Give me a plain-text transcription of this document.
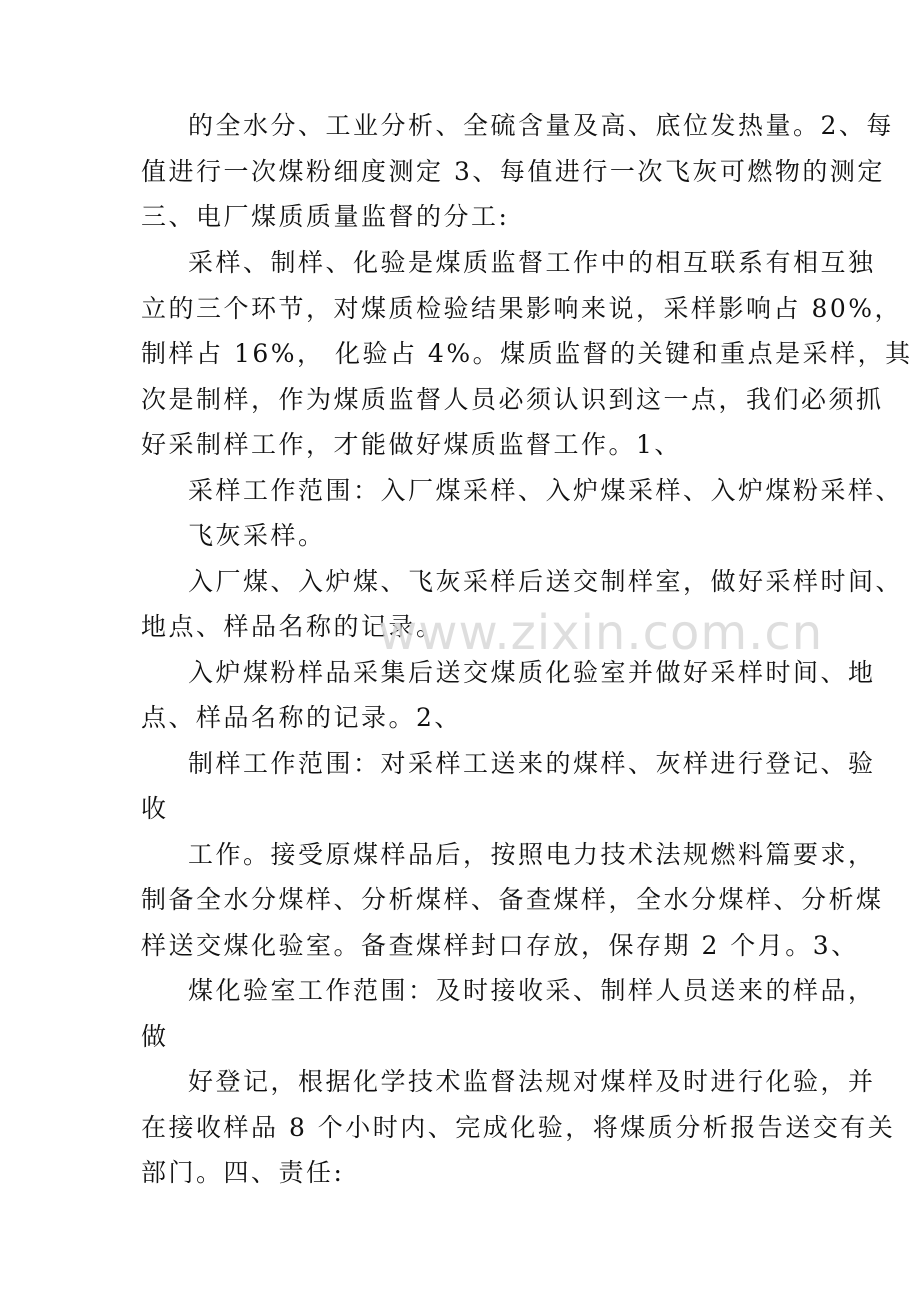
的全水分、工业分析、全硫含量及高、底位发热量。2、每
值进行一次煤粉细度测定 3、每值进行一次飞灰可燃物的测定
三、电厂煤质质量监督的分工:
采样、制样、化验是煤质监督工作中的相互联系有相互独
立的三个环节，对煤质检验结果影响来说，采样影响占 80%，
制样占 16%， 化验占 4%。煤质监督的关键和重点是采样，其
次是制样，作为煤质监督人员必须认识到这一点，我们必须抓
好采制样工作，才能做好煤质监督工作。1、
采样工作范围：入厂煤采样、入炉煤采样、入炉煤粉采样、
飞灰采样。
入厂煤、入炉煤、飞灰采样后送交制样室，做好采样时间、
地点、样品名称的记录。
入炉煤粉样品采集后送交煤质化验室并做好采样时间、地
点、样品名称的记录。2、
制样工作范围：对采样工送来的煤样、灰样进行登记、验
收
工作。接受原煤样品后，按照电力技术法规燃料篇要求，
制备全水分煤样、分析煤样、备查煤样，全水分煤样、分析煤
样送交煤化验室。备查煤样封口存放，保存期 2 个月。3、
煤化验室工作范围：及时接收采、制样人员送来的样品，
做
好登记，根据化学技术监督法规对煤样及时进行化验，并
在接收样品 8 个小时内、完成化验，将煤质分析报告送交有关
部门。四、责任:
www.zixin.com.cn
